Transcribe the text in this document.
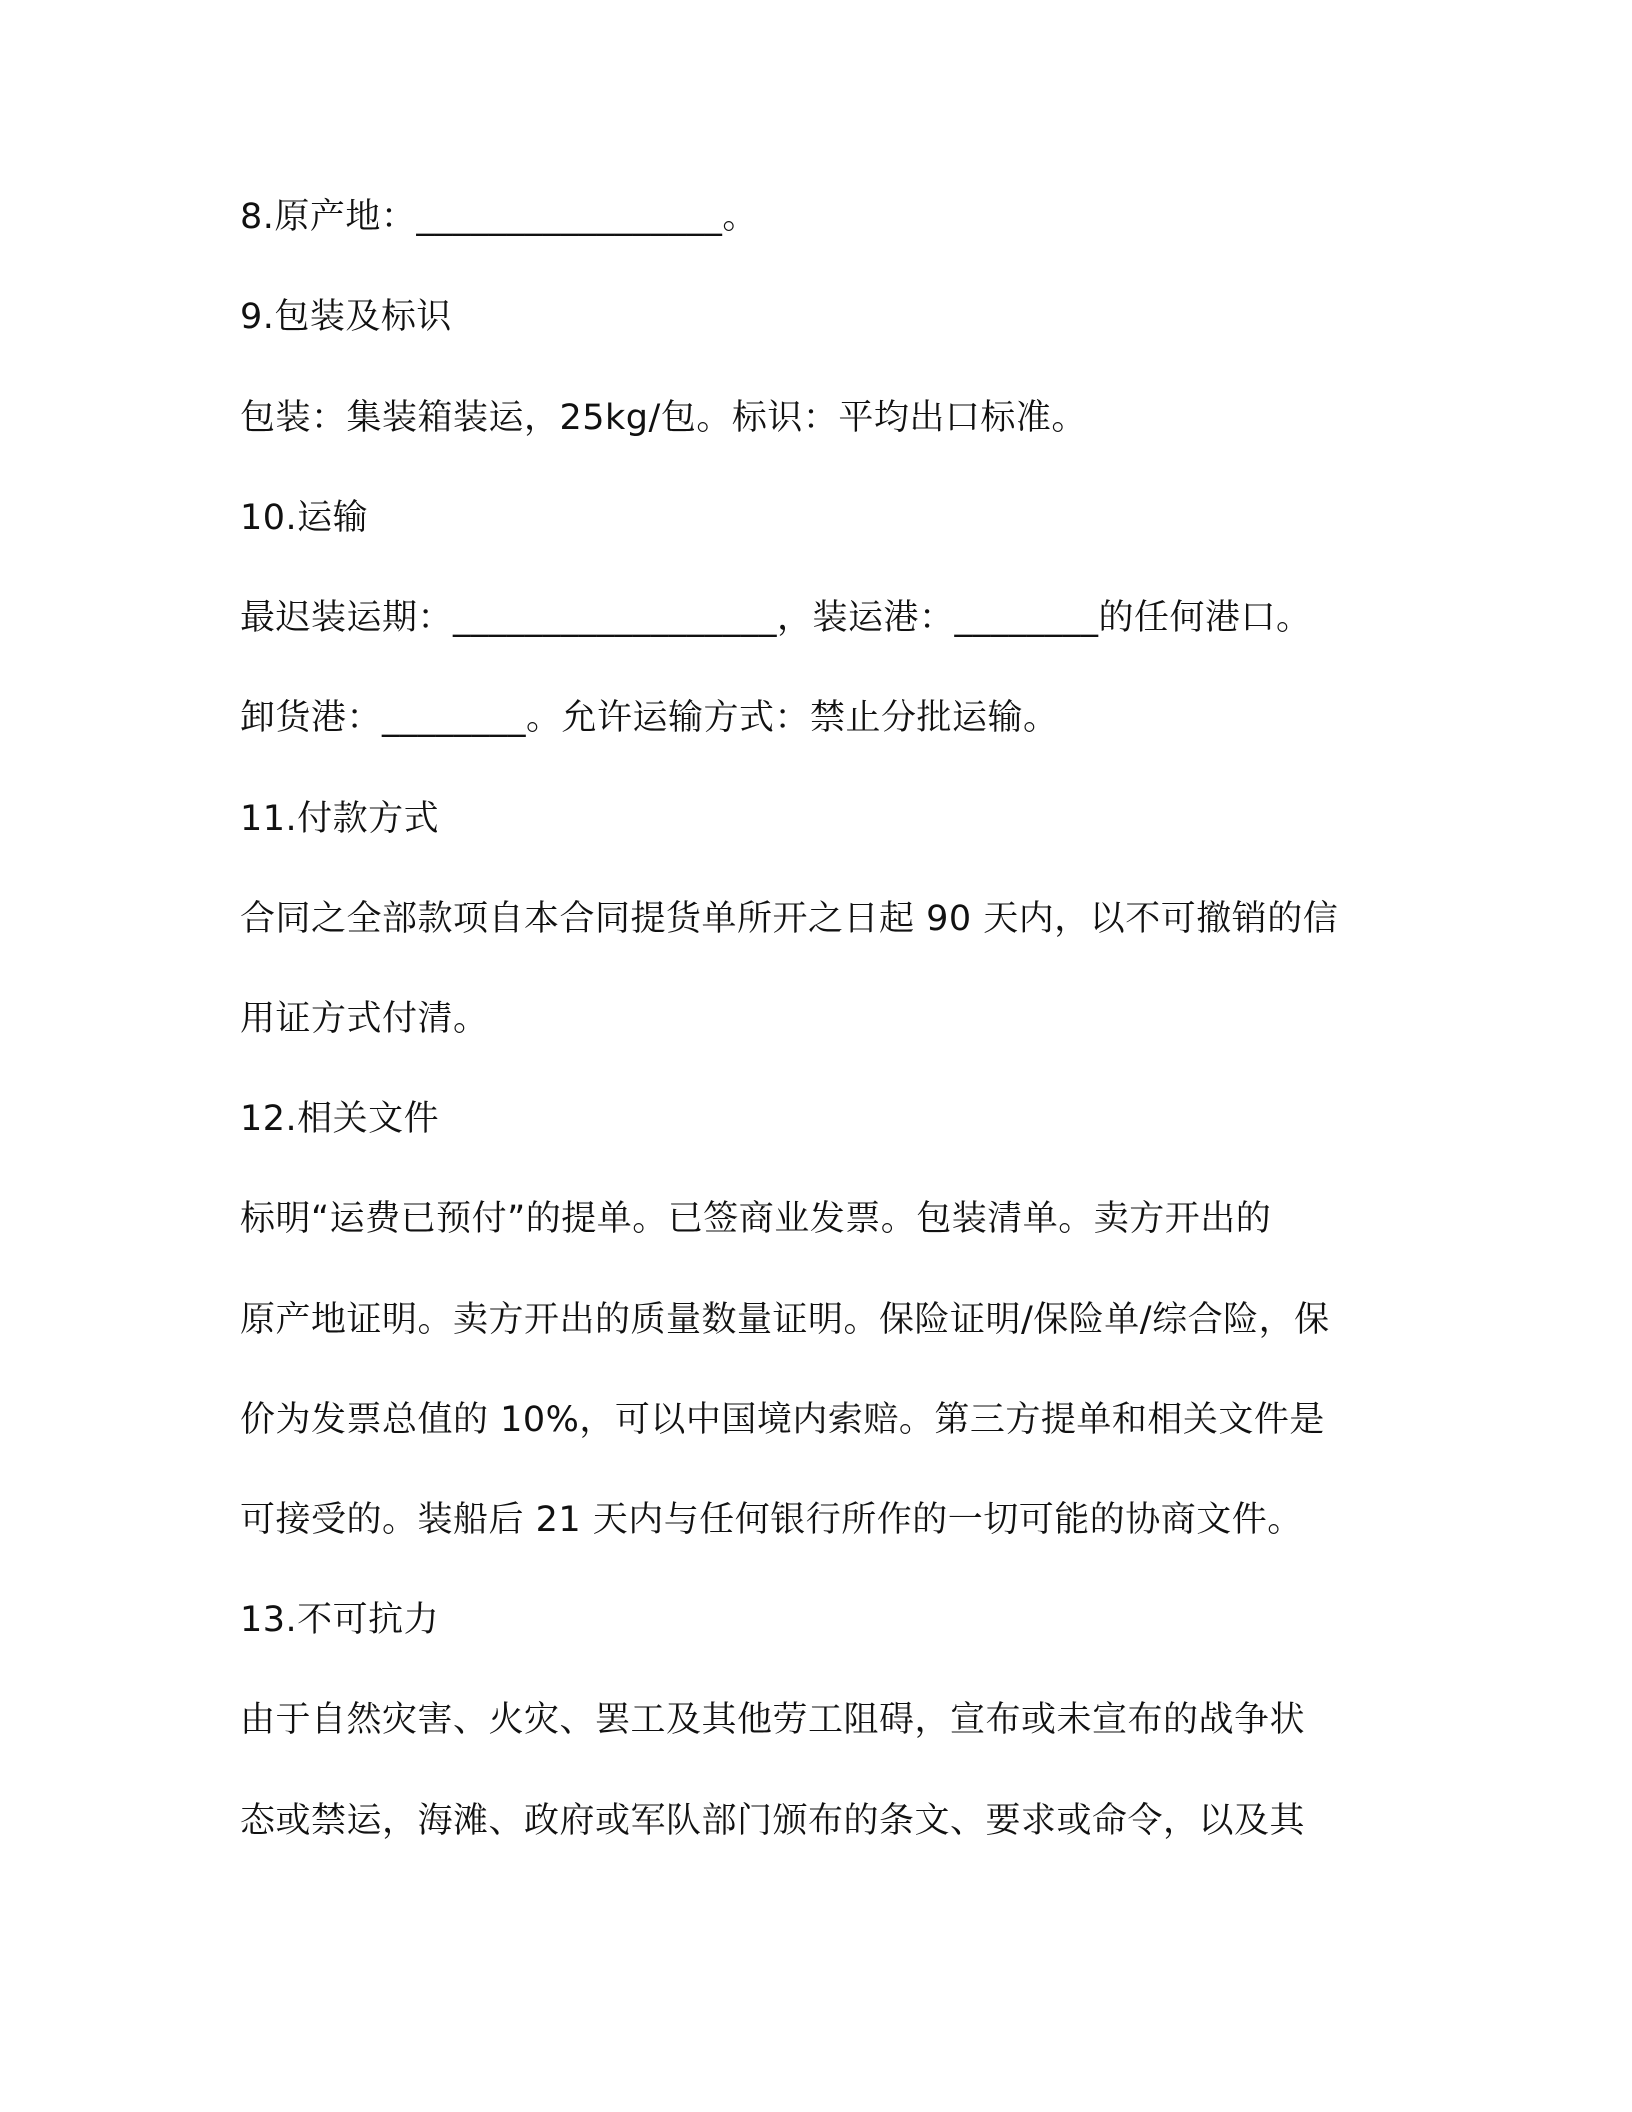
8.原产地：_________________。
9.包装及标识
包装：集装箱装运，25kg/包。标识：平均出口标准。
10.运输
最迟装运期：__________________，装运港：________的任何港口。
卸货港：________。允许运输方式：禁止分批运输。
11.付款方式
合同之全部款项自本合同提货单所开之日起 90 天内，以不可撤销的信
用证方式付清。
12.相关文件
标明“运费已预付”的提单。已签商业发票。包装清单。卖方开出的
原产地证明。卖方开出的质量数量证明。保险证明/保险单/综合险，保
价为发票总值的 10%，可以中国境内索赔。第三方提单和相关文件是
可接受的。装船后 21 天内与任何银行所作的一切可能的协商文件。
13.不可抗力
由于自然灾害、火灾、罢工及其他劳工阻碍，宣布或未宣布的战争状
态或禁运，海滩、政府或军队部门颁布的条文、要求或命令，以及其
